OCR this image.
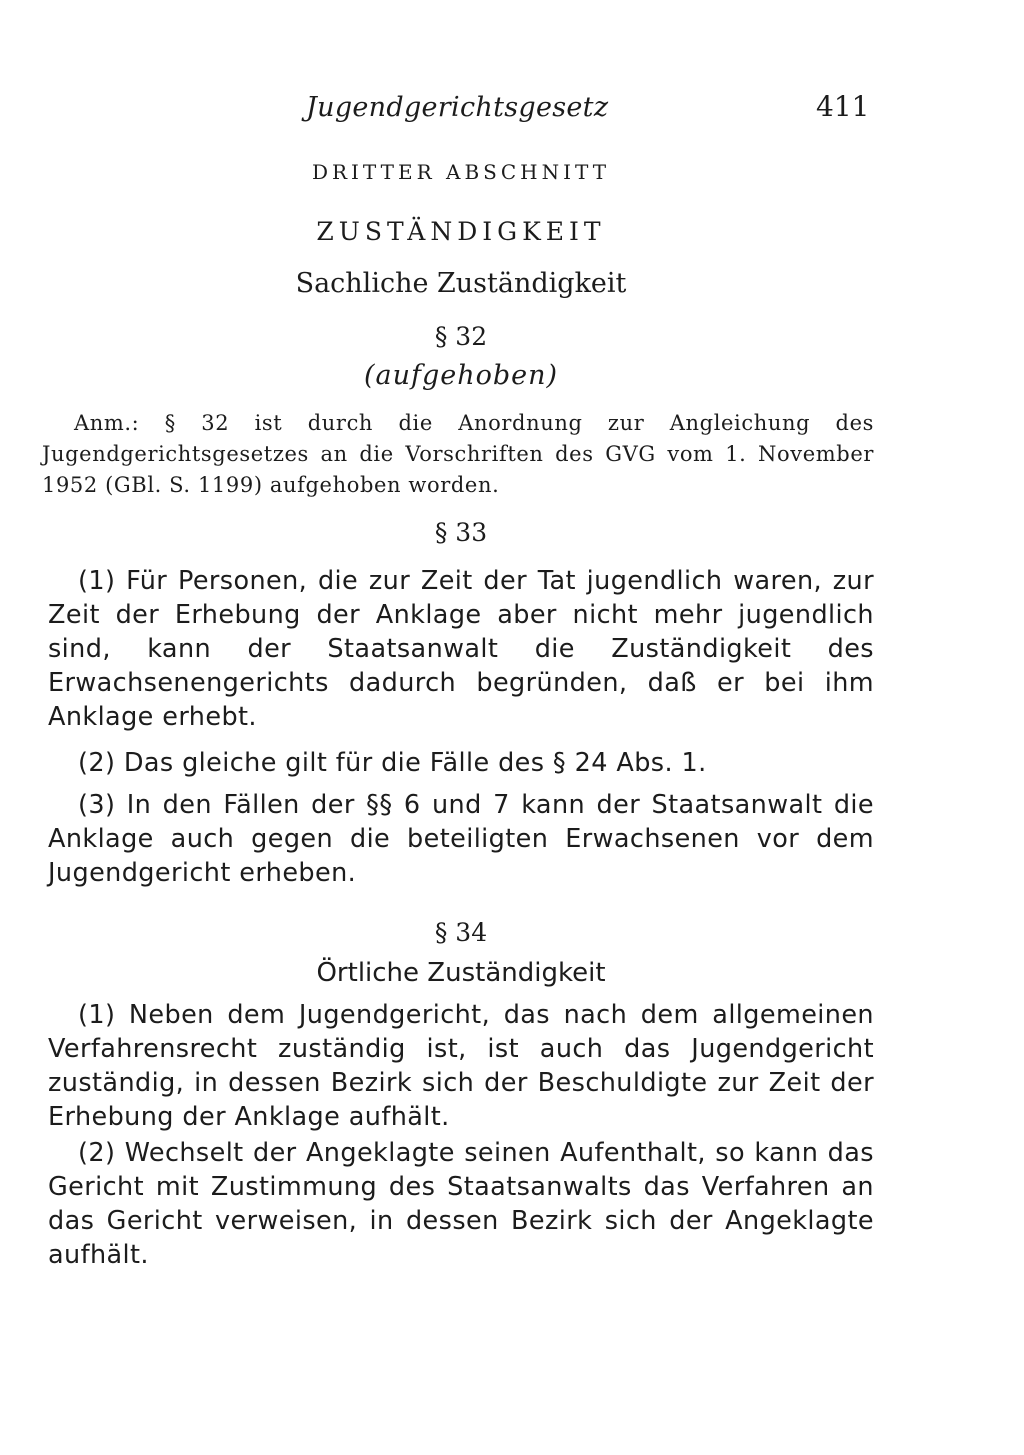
Jugendgerichtsgesetz	411
DRITTER ABSCHNITT
ZUSTÄNDIGKEIT
Sachliche Zuständigkeit
§ 32
(aufgehoben)

Anm.: § 32 ist durch die Anordnung zur Angleichung des Jugendgerichtsgesetzes an die Vorschriften des GVG vom 1. November 1952 (GBl. S. 1199) aufgehoben worden.

§ 33

(1) Für Personen, die zur Zeit der Tat jugendlich waren, zur Zeit der Erhebung der Anklage aber nicht mehr jugendlich sind, kann der Staatsanwalt die Zuständigkeit des Erwachsenengerichts dadurch begründen, daß er bei ihm Anklage erhebt.

(2) Das gleiche gilt für die Fälle des § 24 Abs. 1.

(3) In den Fällen der §§ 6 und 7 kann der Staatsanwalt die Anklage auch gegen die beteiligten Erwachsenen vor dem Jugendgericht erheben.

§ 34
Örtliche Zuständigkeit

(1) Neben dem Jugendgericht, das nach dem allgemeinen Verfahrensrecht zuständig ist, ist auch das Jugendgericht zuständig, in dessen Bezirk sich der Beschuldigte zur Zeit der Erhebung der Anklage aufhält.

(2) Wechselt der Angeklagte seinen Aufenthalt, so kann das Gericht mit Zustimmung des Staatsanwalts das Verfahren an das Gericht verweisen, in dessen Bezirk sich der Angeklagte aufhält.
